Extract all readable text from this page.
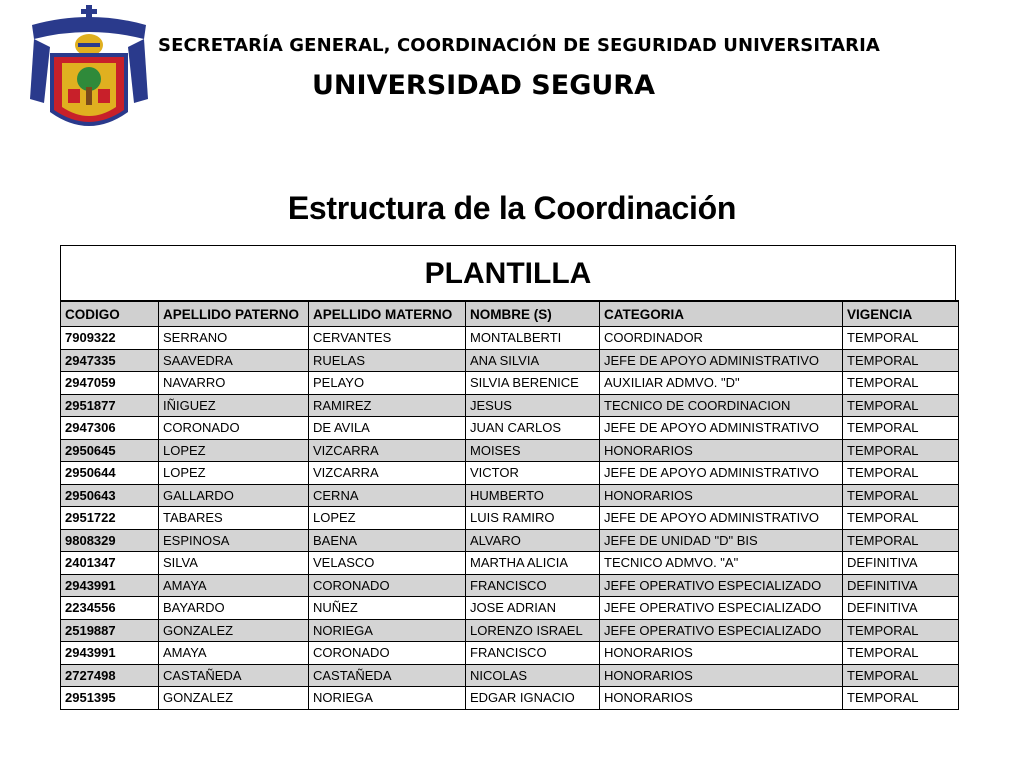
SECRETARÍA GENERAL, COORDINACIÓN DE SEGURIDAD UNIVERSITARIA
UNIVERSIDAD SEGURA
Estructura de la Coordinación
PLANTILLA
CODIGO	APELLIDO PATERNO	APELLIDO MATERNO	NOMBRE (S)	CATEGORIA	VIGENCIA
7909322	SERRANO	CERVANTES	MONTALBERTI	COORDINADOR	TEMPORAL
2947335	SAAVEDRA	RUELAS	ANA SILVIA	JEFE DE APOYO ADMINISTRATIVO	TEMPORAL
2947059	NAVARRO	PELAYO	SILVIA BERENICE	AUXILIAR ADMVO. "D"	TEMPORAL
2951877	IÑIGUEZ	RAMIREZ	JESUS	TECNICO DE COORDINACION	TEMPORAL
2947306	CORONADO	DE AVILA	JUAN CARLOS	JEFE DE APOYO ADMINISTRATIVO	TEMPORAL
2950645	LOPEZ	VIZCARRA	MOISES	HONORARIOS	TEMPORAL
2950644	LOPEZ	VIZCARRA	VICTOR	JEFE DE APOYO ADMINISTRATIVO	TEMPORAL
2950643	GALLARDO	CERNA	HUMBERTO	HONORARIOS	TEMPORAL
2951722	TABARES	LOPEZ	LUIS RAMIRO	JEFE DE APOYO ADMINISTRATIVO	TEMPORAL
9808329	ESPINOSA	BAENA	ALVARO	JEFE DE UNIDAD "D" BIS	TEMPORAL
2401347	SILVA	VELASCO	MARTHA ALICIA	TECNICO ADMVO. "A"	DEFINITIVA
2943991	AMAYA	CORONADO	FRANCISCO	JEFE OPERATIVO ESPECIALIZADO	DEFINITIVA
2234556	BAYARDO	NUÑEZ	JOSE ADRIAN	JEFE OPERATIVO ESPECIALIZADO	DEFINITIVA
2519887	GONZALEZ	NORIEGA	LORENZO ISRAEL	JEFE OPERATIVO ESPECIALIZADO	TEMPORAL
2943991	AMAYA	CORONADO	FRANCISCO	HONORARIOS	TEMPORAL
2727498	CASTAÑEDA	CASTAÑEDA	NICOLAS	HONORARIOS	TEMPORAL
2951395	GONZALEZ	NORIEGA	EDGAR IGNACIO	HONORARIOS	TEMPORAL
